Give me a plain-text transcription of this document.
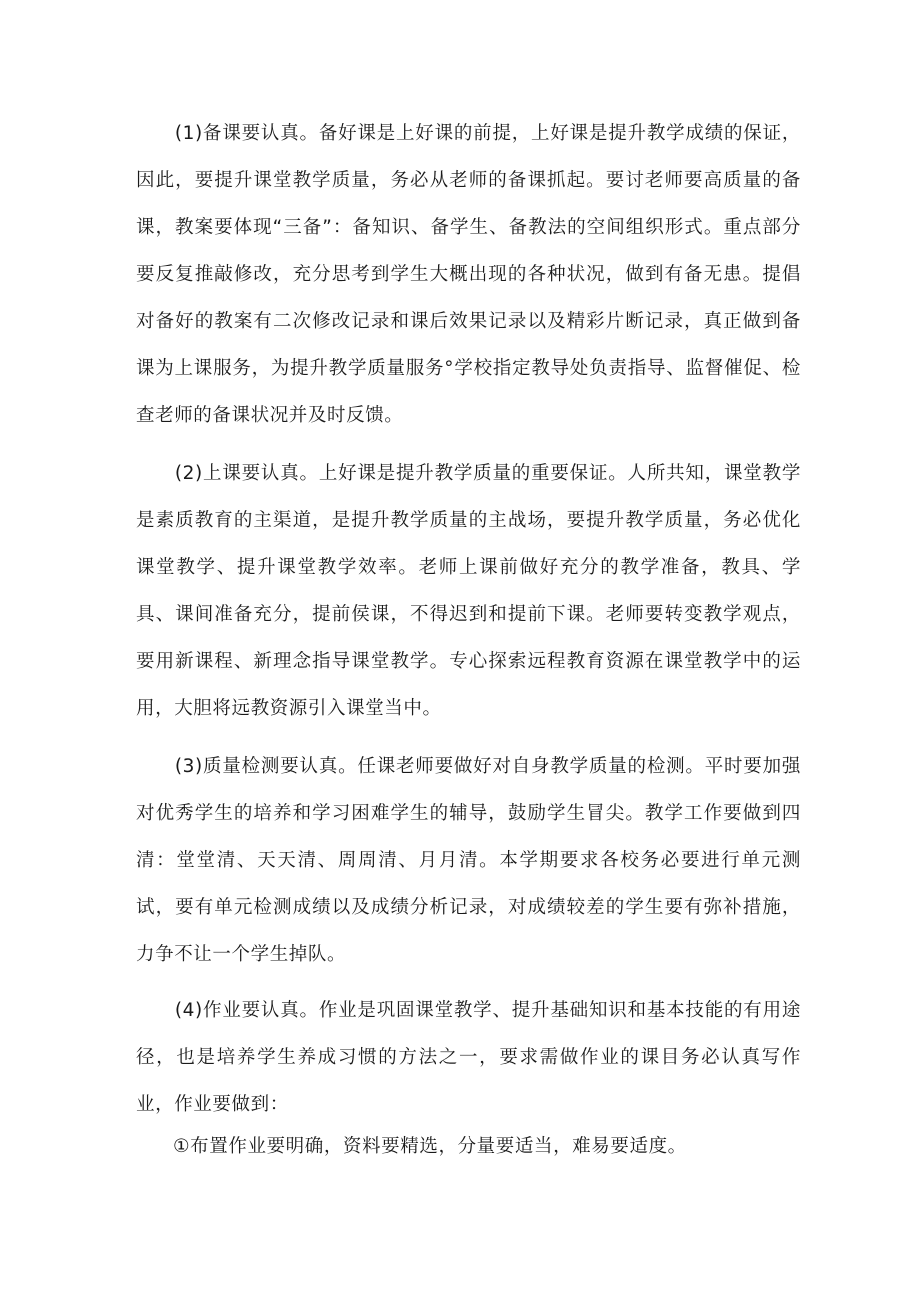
(1)备课要认真。备好课是上好课的前提，上好课是提升教学成绩的保证，因此，要提升课堂教学质量，务必从老师的备课抓起。要讨老师要高质量的备课，教案要体现“三备”：备知识、备学生、备教法的空间组织形式。重点部分要反复推敲修改，充分思考到学生大概出现的各种状况，做到有备无患。提倡对备好的教案有二次修改记录和课后效果记录以及精彩片断记录，真正做到备课为上课服务，为提升教学质量服务°学校指定教导处负责指导、监督催促、检查老师的备课状况并及时反馈。

(2)上课要认真。上好课是提升教学质量的重要保证。人所共知，课堂教学是素质教育的主渠道，是提升教学质量的主战场，要提升教学质量，务必优化课堂教学、提升课堂教学效率。老师上课前做好充分的教学准备，教具、学具、课间准备充分，提前侯课，不得迟到和提前下课。老师要转变教学观点，要用新课程、新理念指导课堂教学。专心探索远程教育资源在课堂教学中的运用，大胆将远教资源引入课堂当中。

(3)质量检测要认真。任课老师要做好对自身教学质量的检测。平时要加强对优秀学生的培养和学习困难学生的辅导，鼓励学生冒尖。教学工作要做到四清：堂堂清、天天清、周周清、月月清。本学期要求各校务必要进行单元测试，要有单元检测成绩以及成绩分析记录，对成绩较差的学生要有弥补措施，力争不让一个学生掉队。

(4)作业要认真。作业是巩固课堂教学、提升基础知识和基本技能的有用途径，也是培养学生养成习惯的方法之一，要求需做作业的课目务必认真写作业，作业要做到：

①布置作业要明确，资料要精选，分量要适当，难易要适度。
